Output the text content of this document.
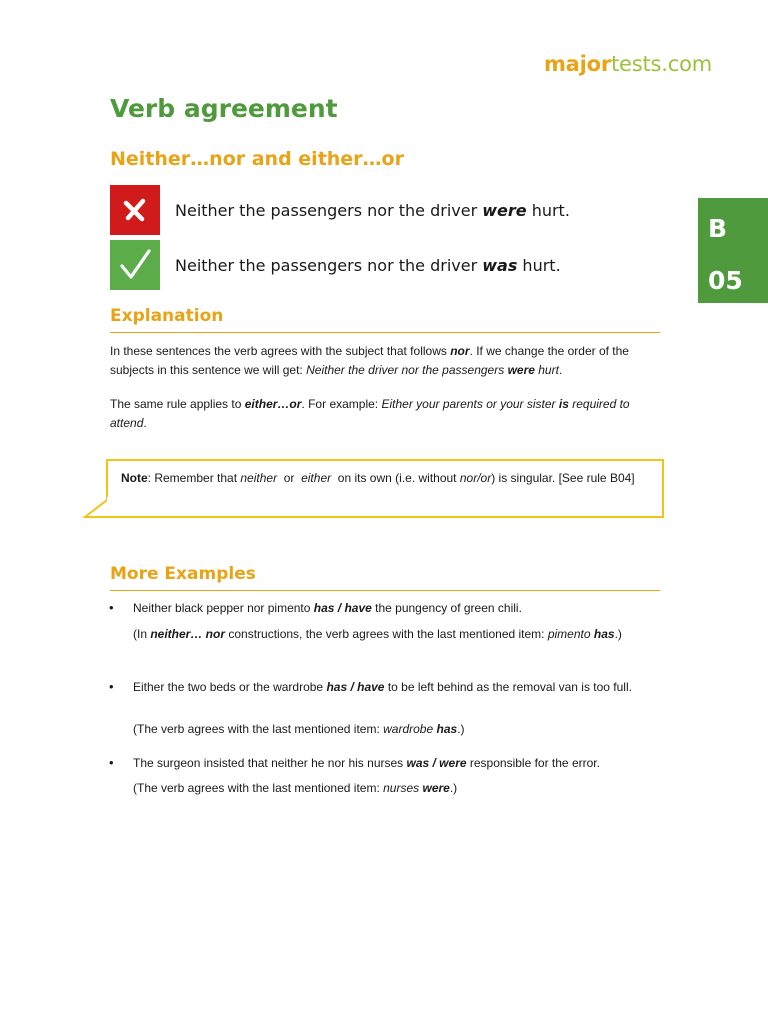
majortests.com
Verb agreement
Neither…nor and either…or
Neither the passengers nor the driver were hurt.
Neither the passengers nor the driver was hurt.
B
05
Explanation

In these sentences the verb agrees with the subject that follows nor. If we change the order of the subjects in this sentence we will get: Neither the driver nor the passengers were hurt.

The same rule applies to either…or. For example: Either your parents or your sister is required to attend.

Note: Remember that neither  or  either  on its own (i.e. without nor/or) is singular. [See rule B04]

More Examples
• Neither black pepper nor pimento has / have the pungency of green chili.

(In neither… nor constructions, the verb agrees with the last mentioned item: pimento has.)

• Either the two beds or the wardrobe has / have to be left behind as the removal van is too full.

(The verb agrees with the last mentioned item: wardrobe has.)

• The surgeon insisted that neither he nor his nurses was / were responsible for the error.

(The verb agrees with the last mentioned item: nurses were.)
